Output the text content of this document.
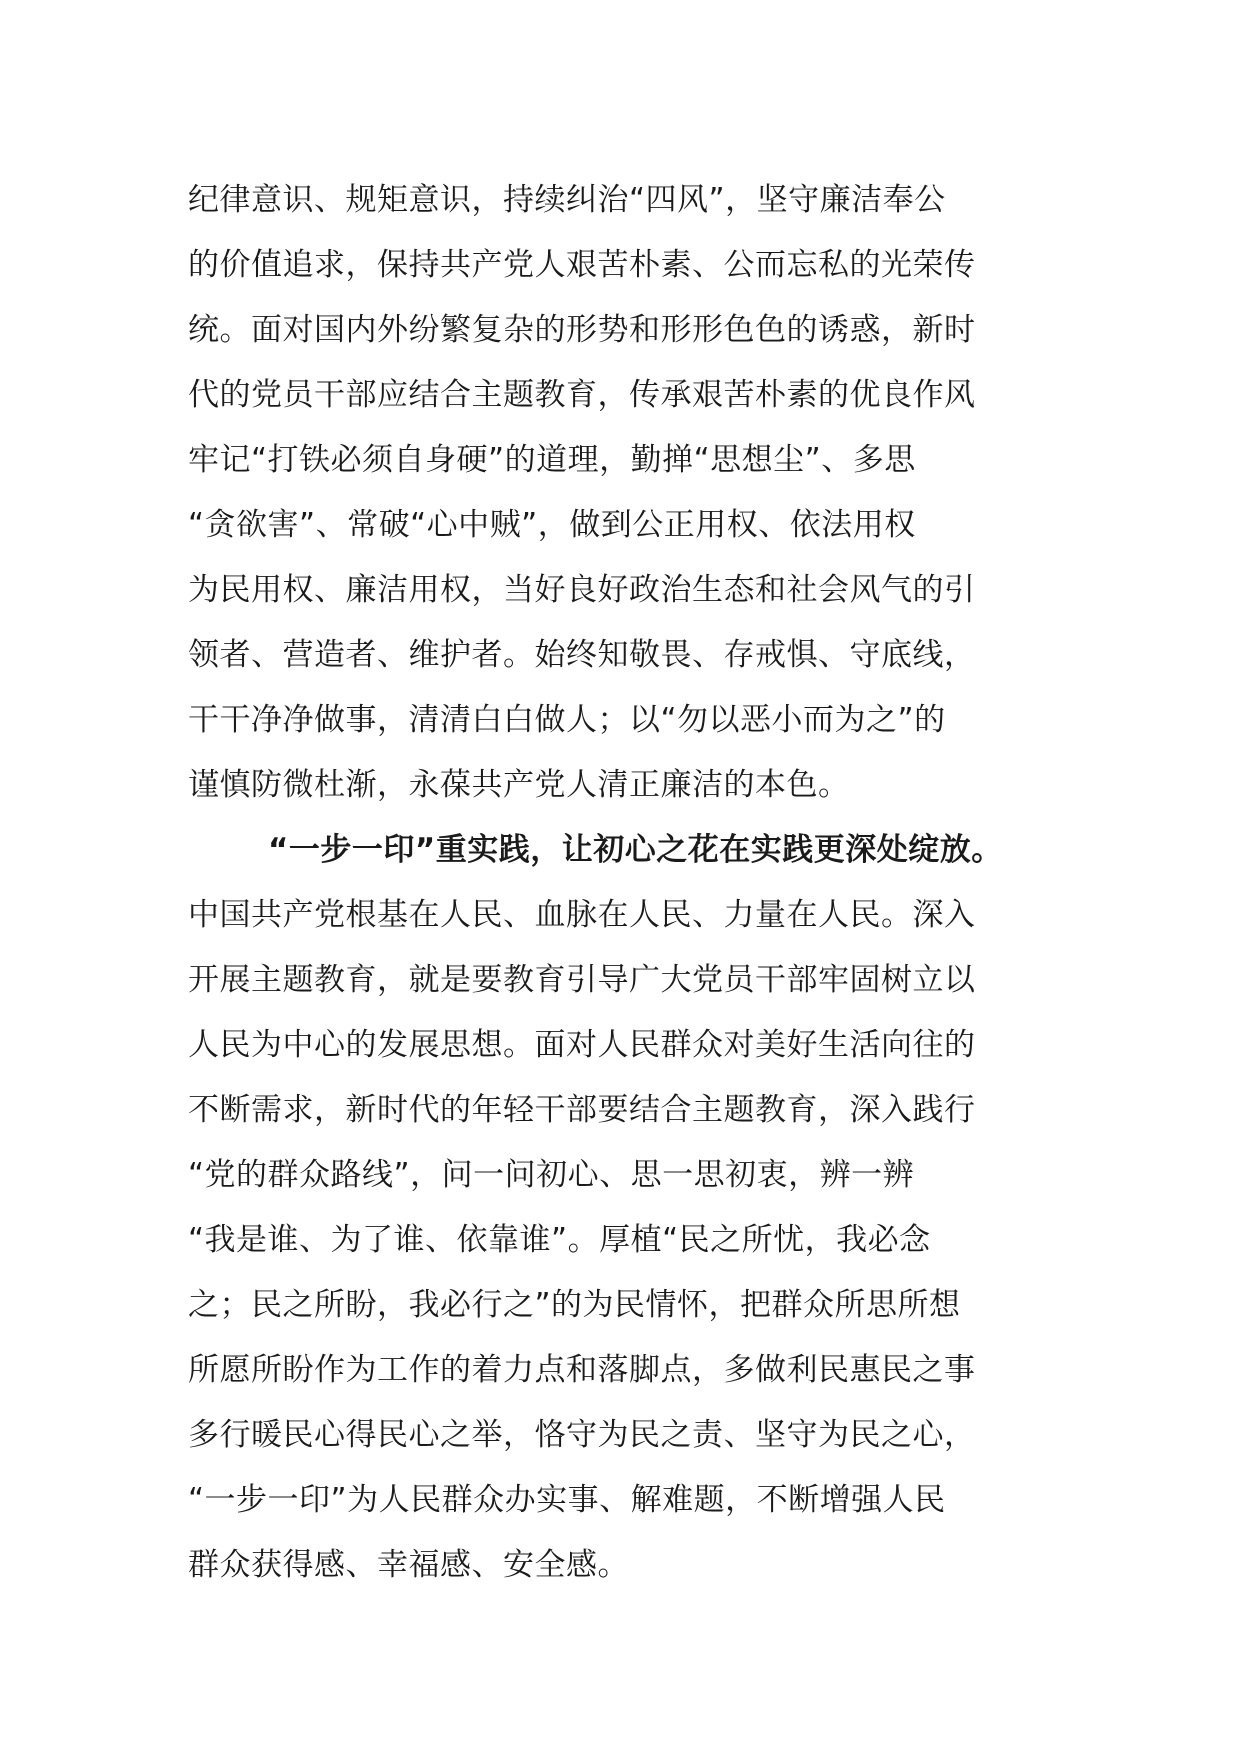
纪律意识、规矩意识，持续纠治“四风”，坚守廉洁奉公
的价值追求，保持共产党人艰苦朴素、公而忘私的光荣传
统。面对国内外纷繁复杂的形势和形形色色的诱惑，新时
代的党员干部应结合主题教育，传承艰苦朴素的优良作风
牢记“打铁必须自身硬”的道理，勤掸“思想尘”、多思
“贪欲害”、常破“心中贼”，做到公正用权、依法用权
为民用权、廉洁用权，当好良好政治生态和社会风气的引
领者、营造者、维护者。始终知敬畏、存戒惧、守底线，
干干净净做事，清清白白做人；以“勿以恶小而为之”的
谨慎防微杜渐，永葆共产党人清正廉洁的本色。
“一步一印”重实践，让初心之花在实践更深处绽放。
中国共产党根基在人民、血脉在人民、力量在人民。深入
开展主题教育，就是要教育引导广大党员干部牢固树立以
人民为中心的发展思想。面对人民群众对美好生活向往的
不断需求，新时代的年轻干部要结合主题教育，深入践行
“党的群众路线”，问一问初心、思一思初衷，辨一辨
“我是谁、为了谁、依靠谁”。厚植“民之所忧，我必念
之；民之所盼，我必行之”的为民情怀，把群众所思所想
所愿所盼作为工作的着力点和落脚点，多做利民惠民之事
多行暖民心得民心之举，恪守为民之责、坚守为民之心，
“一步一印”为人民群众办实事、解难题，不断增强人民
群众获得感、幸福感、安全感。
